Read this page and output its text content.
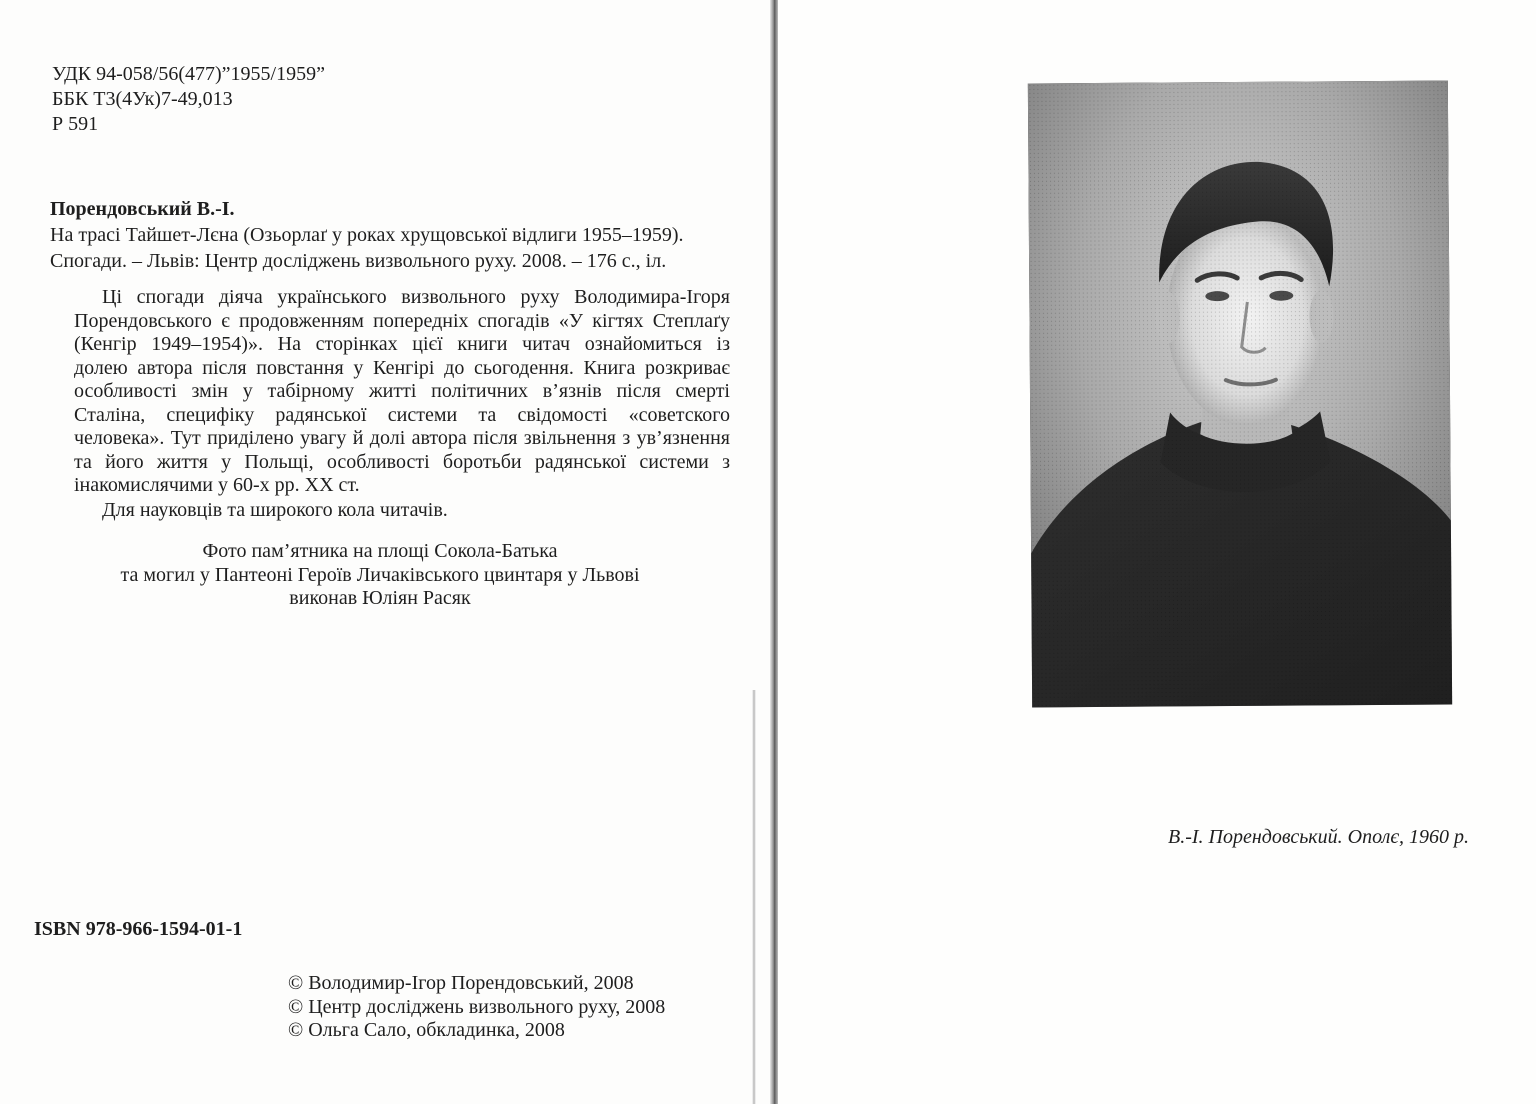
УДК 94-058/56(477)”1955/1959”
ББК Т3(4Ук)7-49,013
Р 591
Порендовський В.-І.
На трасі Тайшет-Лєна (Озьорлаґ у роках хрущовської відлиги 1955–1959).
Спогади. – Львів: Центр досліджень визвольного руху. 2008. – 176 с., іл.
Ці спогади діяча українського визвольного руху Володимира-Ігоря
Порендовського є продовженням попередніх спогадів «У кігтях Степлаґу
(Кенгір 1949–1954)». На сторінках цієї книги читач ознайомиться із
долею автора після повстання у Кенгірі до сьогодення. Книга розкриває
особливості змін у табірному житті політичних в’язнів після смерті
Сталіна, специфіку радянської системи та свідомості «советского
человека». Тут приділено увагу й долі автора після звільнення з ув’язнення
та його життя у Польщі, особливості боротьби радянської системи з
інакомислячими у 60-х рр. XX ст.
Для науковців та широкого кола читачів.
Фото пам’ятника на площі Сокола-Батька
та могил у Пантеоні Героїв Личаківського цвинтаря у Львові
виконав Юліян Расяк
ISBN 978-966-1594-01-1
© Володимир-Ігор Порендовський, 2008
© Центр досліджень визвольного руху, 2008
© Ольга Сало, обкладинка, 2008
В.-І. Порендовський. Ополє, 1960 р.
